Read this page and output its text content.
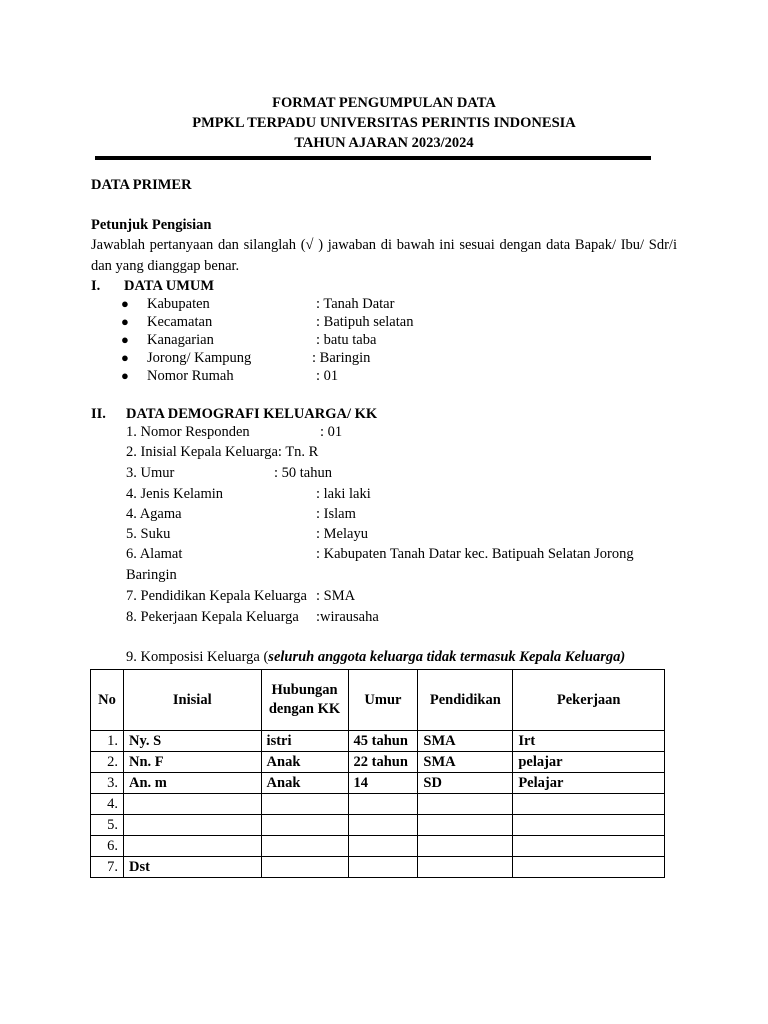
FORMAT PENGUMPULAN DATA
PMPKL TERPADU UNIVERSITAS PERINTIS INDONESIA
TAHUN AJARAN 2023/2024
DATA PRIMER
Petunjuk Pengisian
Jawablah pertanyaan dan silanglah (√ ) jawaban di bawah ini sesuai dengan data Bapak/ Ibu/ Sdr/i dan yang dianggap benar.
I. DATA UMUM
● Kabupaten	: Tanah Datar
● Kecamatan	: Batipuh selatan
● Kanagarian	: batu taba
● Jorong/ Kampung	: Baringin
● Nomor Rumah	: 01
II. DATA DEMOGRAFI KELUARGA/ KK
1. Nomor Responden	: 01
2. Inisial Kepala Keluarga: Tn. R
3. Umur	: 50 tahun
4. Jenis Kelamin	: laki laki
4. Agama	: Islam
5. Suku	: Melayu
6. Alamat	: Kabupaten Tanah Datar kec. Batipuah Selatan Jorong
Baringin
7. Pendidikan Kepala Keluarga : SMA
8. Pekerjaan Kepala Keluarga :wirausaha
9. Komposisi Keluarga (seluruh anggota keluarga tidak termasuk Kepala Keluarga)
No	Inisial	Hubungan dengan KK	Umur	Pendidikan	Pekerjaan
1.	Ny. S	istri	45 tahun	SMA	Irt
2.	Nn. F	Anak	22 tahun	SMA	pelajar
3.	An. m	Anak	14	SD	Pelajar
4.					
5.					
6.					
7.	Dst				
